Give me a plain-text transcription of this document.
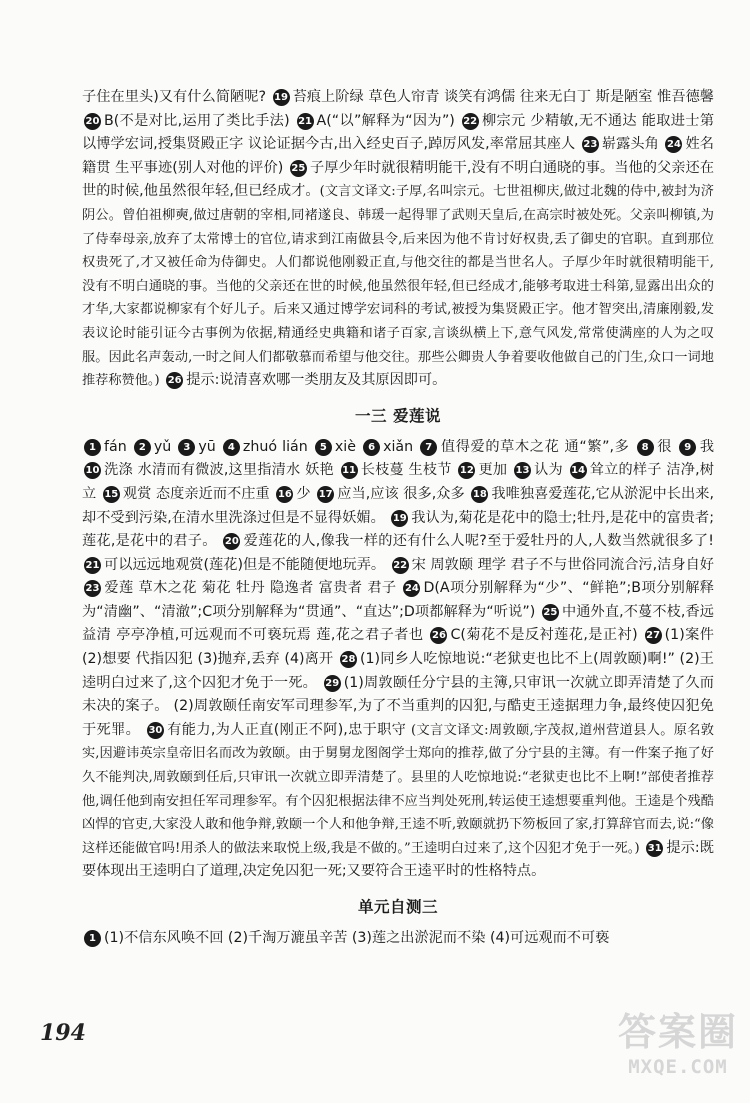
子住在里头)又有什么简陋呢? 19 苔痕上阶绿 草色人帘青 谈笑有鸿儒 往来无白丁 斯是陋室 惟吾德馨 20 B(不是对比,运用了类比手法) 21 A(“以”解释为“因为”) 22 柳宗元 少精敏,无不通达 能取进士第 以博学宏词,授集贤殿正字 议论证据今古,出入经史百子,踔厉风发,率常屈其座人 23 崭露头角 24 姓名 籍贯 生平事迹(别人对他的评价) 25 子厚少年时就很精明能干,没有不明白通晓的事。当他的父亲还在世的时候,他虽然很年轻,但已经成才。(文言文译文:子厚,名叫宗元。七世祖柳庆,做过北魏的侍中,被封为济阴公。曾伯祖柳奭,做过唐朝的宰相,同褚遂良、韩瑗一起得罪了武则天皇后,在高宗时被处死。父亲叫柳镇,为了侍奉母亲,放弃了太常博士的官位,请求到江南做县令,后来因为他不肯讨好权贵,丢了御史的官职。直到那位权贵死了,才又被任命为侍御史。人们都说他刚毅正直,与他交往的都是当世名人。子厚少年时就很精明能干,没有不明白通晓的事。当他的父亲还在世的时候,他虽然很年轻,但已经成才,能够考取进士科第,显露出出众的才华,大家都说柳家有个好儿子。后来又通过博学宏词科的考试,被授为集贤殿正字。他才智突出,清廉刚毅,发表议论时能引证今古事例为依据,精通经史典籍和诸子百家,言谈纵横上下,意气风发,常常使满座的人为之叹服。因此名声轰动,一时之间人们都敬慕而希望与他交往。那些公卿贵人争着要收他做自己的门生,众口一词地推荐称赞他。) 26 提示:说清喜欢哪一类朋友及其原因即可。
一三 爱莲说
1 fán 2 yǔ 3 yū 4 zhuó lián 5 xiè 6 xiǎn 7 值得爱的草木之花 通“繁”,多 8 很 9 我 10 洗涤 水清而有微波,这里指清水 妖艳 11 长枝蔓 生枝节 12 更加 13 认为 14 耸立的样子 洁净,树立 15 观赏 态度亲近而不庄重 16 少 17 应当,应该 很多,众多 18 我唯独喜爱莲花,它从淤泥中长出来,却不受到污染,在清水里洗涤过但是不显得妖媚。 19 我认为,菊花是花中的隐士;牡丹,是花中的富贵者;莲花,是花中的君子。 20 爱莲花的人,像我一样的还有什么人呢?至于爱牡丹的人,人数当然就很多了! 21 可以远远地观赏(莲花)但是不能随便地玩弄。 22 宋 周敦颐 理学 君子不与世俗同流合污,洁身自好 23 爱莲 草木之花 菊花 牡丹 隐逸者 富贵者 君子 24 D(A项分别解释为“少”、“鲜艳”;B项分别解释为“清幽”、“清澈”;C项分别解释为“贯通”、“直达”;D项都解释为“听说”) 25 中通外直,不蔓不枝,香远益清 亭亭净植,可远观而不可亵玩焉 莲,花之君子者也 26 C(菊花不是反衬莲花,是正衬) 27 (1)案件 (2)想要 代指囚犯 (3)抛弃,丢弃 (4)离开 28 (1)同乡人吃惊地说:“老狱吏也比不上(周敦颐)啊!” (2)王逵明白过来了,这个囚犯才免于一死。 29 (1)周敦颐任分宁县的主簿,只审讯一次就立即弄清楚了久而未决的案子。 (2)周敦颐任南安军司理参军,为了不当重判的囚犯,与酷吏王逵据理力争,最终使囚犯免于死罪。 30 有能力,为人正直(刚正不阿),忠于职守 (文言文译文:周敦颐,字茂叔,道州营道县人。原名敦实,因避讳英宗皇帝旧名而改为敦颐。由于舅舅龙图阁学士郑向的推荐,做了分宁县的主簿。有一件案子拖了好久不能判决,周敦颐到任后,只审讯一次就立即弄清楚了。县里的人吃惊地说:“老狱吏也比不上啊!”部使者推荐他,调任他到南安担任军司理参军。有个囚犯根据法律不应当判处死刑,转运使王逵想要重判他。王逵是个残酷凶悍的官吏,大家没人敢和他争辩,敦颐一个人和他争辩,王逵不听,敦颐就扔下笏板回了家,打算辞官而去,说:“像这样还能做官吗!用杀人的做法来取悦上级,我是不做的。”王逵明白过来了,这个囚犯才免于一死。) 31 提示:既要体现出王逵明白了道理,决定免囚犯一死;又要符合王逵平时的性格特点。
单元自测三
1 (1)不信东风唤不回 (2)千淘万漉虽辛苦 (3)莲之出淤泥而不染 (4)可远观而不可亵
194	答案圈
MXQE.COM
